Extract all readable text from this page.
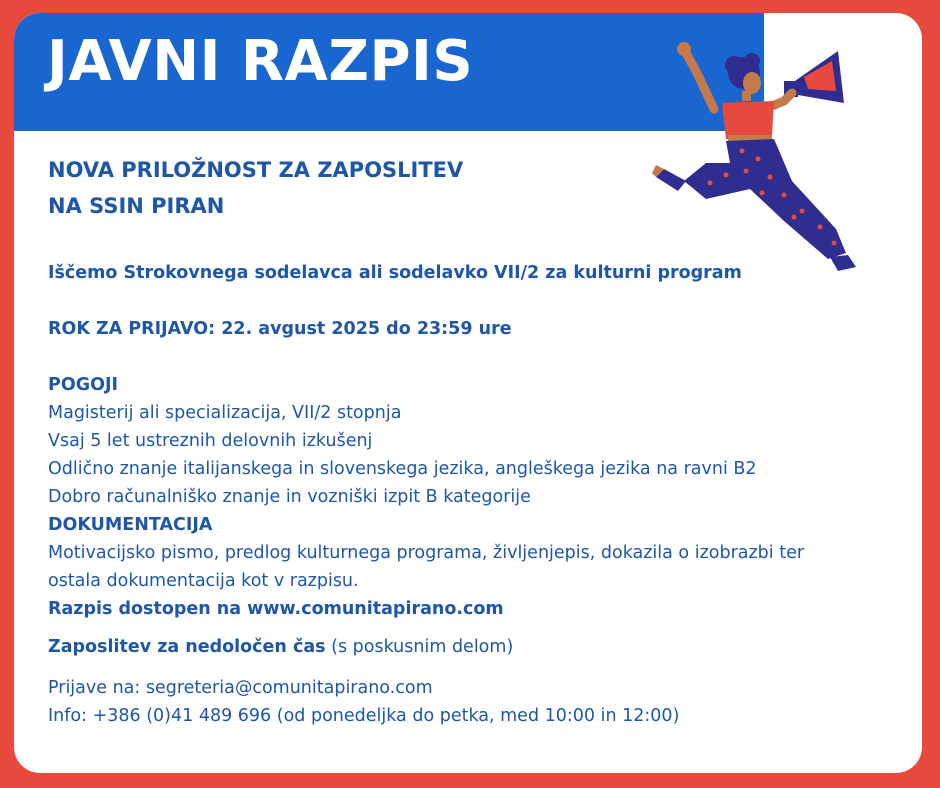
JAVNI RAZPIS
NOVA PRILOŽNOST ZA ZAPOSLITEV
NA SSIN PIRAN
Iščemo Strokovnega sodelavca ali sodelavko VII/2 za kulturni program
ROK ZA PRIJAVO: 22. avgust 2025 do 23:59 ure
POGOJI
Magisterij ali specializacija, VII/2 stopnja
Vsaj 5 let ustreznih delovnih izkušenj
Odlično znanje italijanskega in slovenskega jezika, angleškega jezika na ravni B2
Dobro računalniško znanje in vozniški izpit B kategorije
DOKUMENTACIJA
Motivacijsko pismo, predlog kulturnega programa, življenjepis, dokazila o izobrazbi ter
ostala dokumentacija kot v razpisu.
Razpis dostopen na www.comunitapirano.com
Zaposlitev za nedoločen čas (s poskusnim delom)
Prijave na: segreteria@comunitapirano.com
Info: +386 (0)41 489 696 (od ponedeljka do petka, med 10:00 in 12:00)
